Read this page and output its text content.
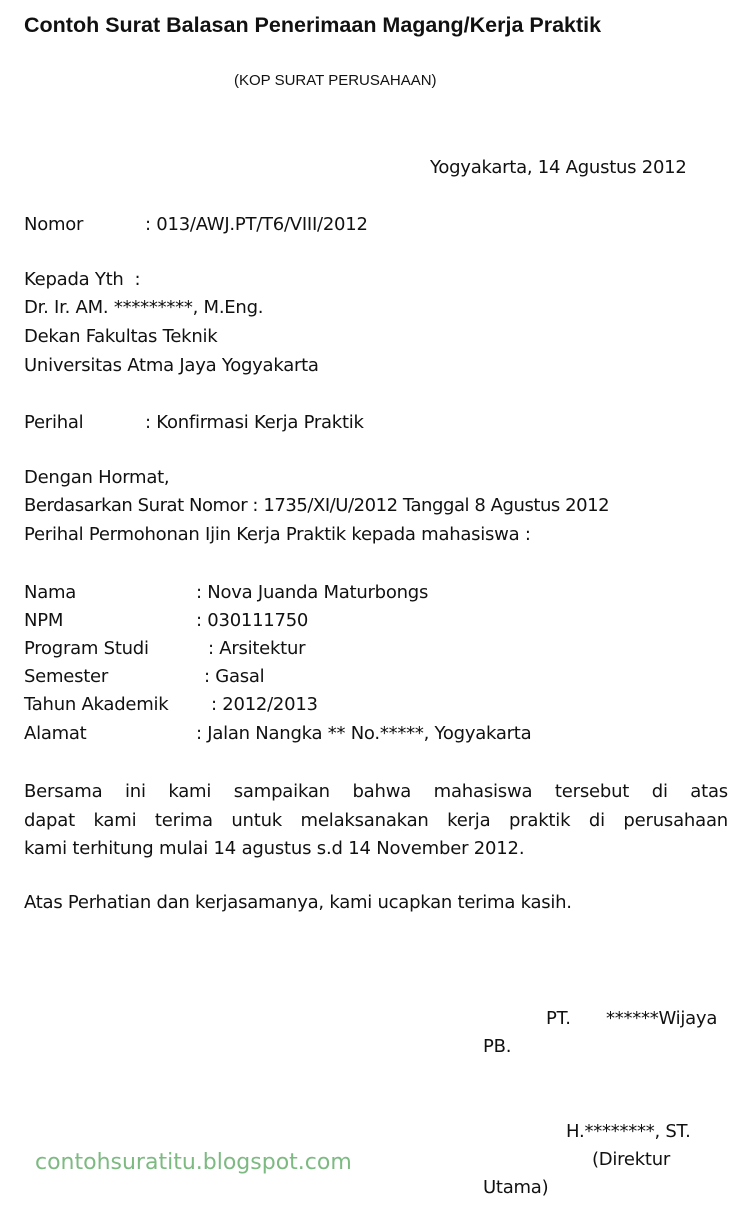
Contoh Surat Balasan Penerimaan Magang/Kerja Praktik
(KOP SURAT PERUSAHAAN)
Yogyakarta, 14 Agustus 2012
Nomor	: 013/AWJ.PT/T6/VIII/2012
Kepada Yth  :
Dr. Ir. AM. *********, M.Eng.
Dekan Fakultas Teknik
Universitas Atma Jaya Yogyakarta
Perihal	: Konfirmasi Kerja Praktik
Dengan Hormat,
Berdasarkan Surat Nomor : 1735/XI/U/2012 Tanggal 8 Agustus 2012
Perihal Permohonan Ijin Kerja Praktik kepada mahasiswa :
Nama	: Nova Juanda Maturbongs
NPM	: 030111750
Program Studi	: Arsitektur
Semester	: Gasal
Tahun Akademik : 2012/2013
Alamat	: Jalan Nangka ** No.*****, Yogyakarta
Bersama ini kami sampaikan bahwa mahasiswa tersebut di atas
dapat kami terima untuk melaksanakan kerja praktik di perusahaan
kami terhitung mulai 14 agustus s.d 14 November 2012.
Atas Perhatian dan kerjasamanya, kami ucapkan terima kasih.
PT. ******Wijaya
PB.
H.********, ST.
(Direktur
Utama)
contohsuratitu.blogspot.com
